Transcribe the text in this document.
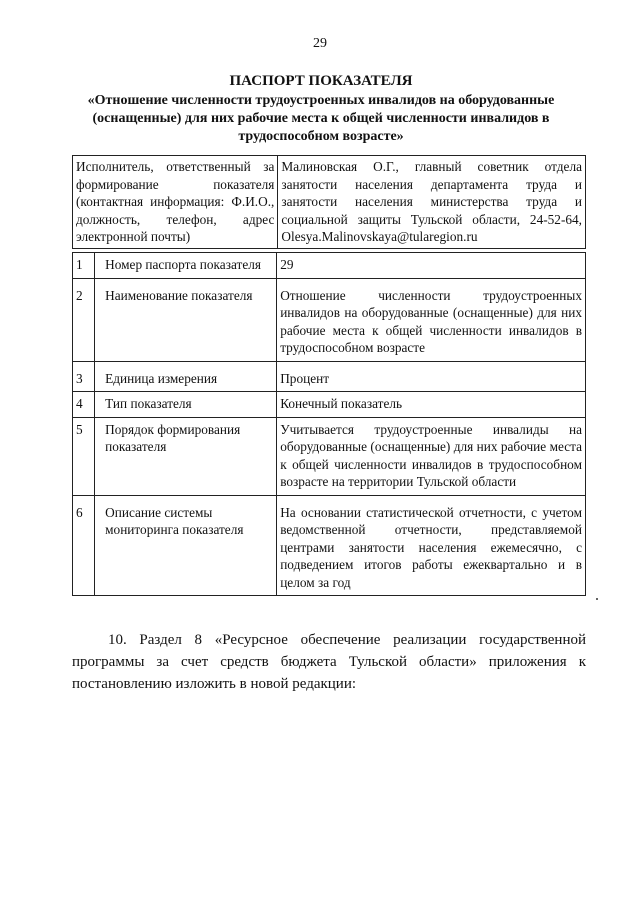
29
ПАСПОРТ ПОКАЗАТЕЛЯ
«Отношение численности трудоустроенных инвалидов на оборудованные (оснащенные) для них рабочие места к общей численности инвалидов в трудоспособном возрасте»
Исполнитель, ответственный за формирование показателя (контактная информация: Ф.И.О., должность, телефон, адрес электронной почты)	Малиновская О.Г., главный советник отдела занятости населения департамента труда и занятости населения министерства труда и социальной защиты Тульской области, 24-52-64, Olesya.Malinovskaya@tularegion.ru
1	Номер паспорта показателя	29
2	Наименование показателя	Отношение численности трудоустроенных инвалидов на оборудованные (оснащенные) для них рабочие места к общей численности инвалидов в трудоспособном возрасте
3	Единица измерения	Процент
4	Тип показателя	Конечный показатель
5	Порядок формирования показателя	Учитывается трудоустроенные инвалиды на оборудованные (оснащенные) для них рабочие места к общей численности инвалидов в трудоспособном возрасте на территории Тульской области
6	Описание системы мониторинга показателя	На основании статистической отчетности, с учетом ведомственной отчетности, представляемой центрами занятости населения ежемесячно, с подведением итогов работы ежеквартально и в целом за год
10. Раздел 8 «Ресурсное обеспечение реализации государственной программы за счет средств бюджета Тульской области» приложения к постановлению изложить в новой редакции:
